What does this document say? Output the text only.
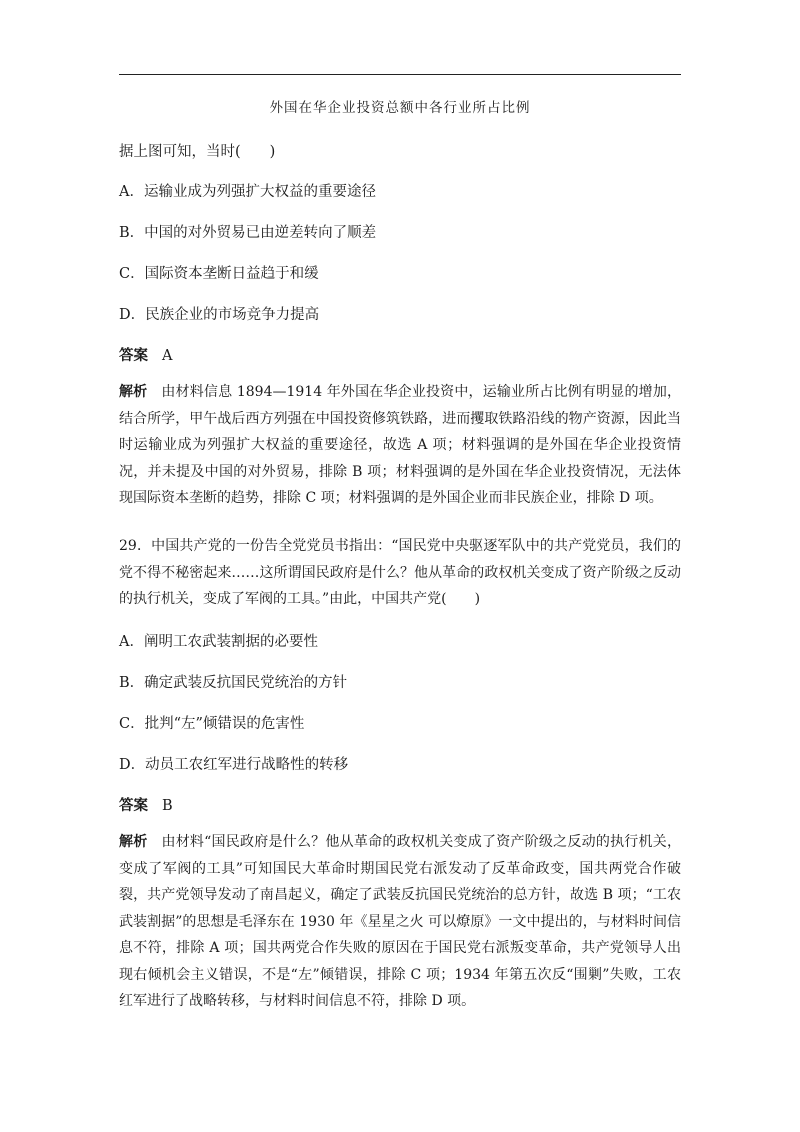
外国在华企业投资总额中各行业所占比例
据上图可知，当时(　　)
A．运输业成为列强扩大权益的重要途径
B．中国的对外贸易已由逆差转向了顺差
C．国际资本垄断日益趋于和缓
D．民族企业的市场竞争力提高
答案 A

解析 由材料信息 1894—1914 年外国在华企业投资中，运输业所占比例有明显的增加，结合所学，甲午战后西方列强在中国投资修筑铁路，进而攫取铁路沿线的物产资源，因此当时运输业成为列强扩大权益的重要途径，故选 A 项；材料强调的是外国在华企业投资情况，并未提及中国的对外贸易，排除 B 项；材料强调的是外国在华企业投资情况，无法体现国际资本垄断的趋势，排除 C 项；材料强调的是外国企业而非民族企业，排除 D 项。

29．中国共产党的一份告全党党员书指出：“国民党中央驱逐军队中的共产党党员，我们的党不得不秘密起来……这所谓国民政府是什么？他从革命的政权机关变成了资产阶级之反动的执行机关，变成了军阀的工具。”由此，中国共产党(　　)

A．阐明工农武装割据的必要性
B．确定武装反抗国民党统治的方针
C．批判“左”倾错误的危害性
D．动员工农红军进行战略性的转移
答案 B

解析 由材料“国民政府是什么？他从革命的政权机关变成了资产阶级之反动的执行机关，变成了军阀的工具”可知国民大革命时期国民党右派发动了反革命政变，国共两党合作破裂，共产党领导发动了南昌起义，确定了武装反抗国民党统治的总方针，故选 B 项；“工农武装割据”的思想是毛泽东在 1930 年《星星之火 可以燎原》一文中提出的，与材料时间信息不符，排除 A 项；国共两党合作失败的原因在于国民党右派叛变革命，共产党领导人出现右倾机会主义错误，不是“左”倾错误，排除 C 项；1934 年第五次反“围剿”失败，工农红军进行了战略转移，与材料时间信息不符，排除 D 项。
